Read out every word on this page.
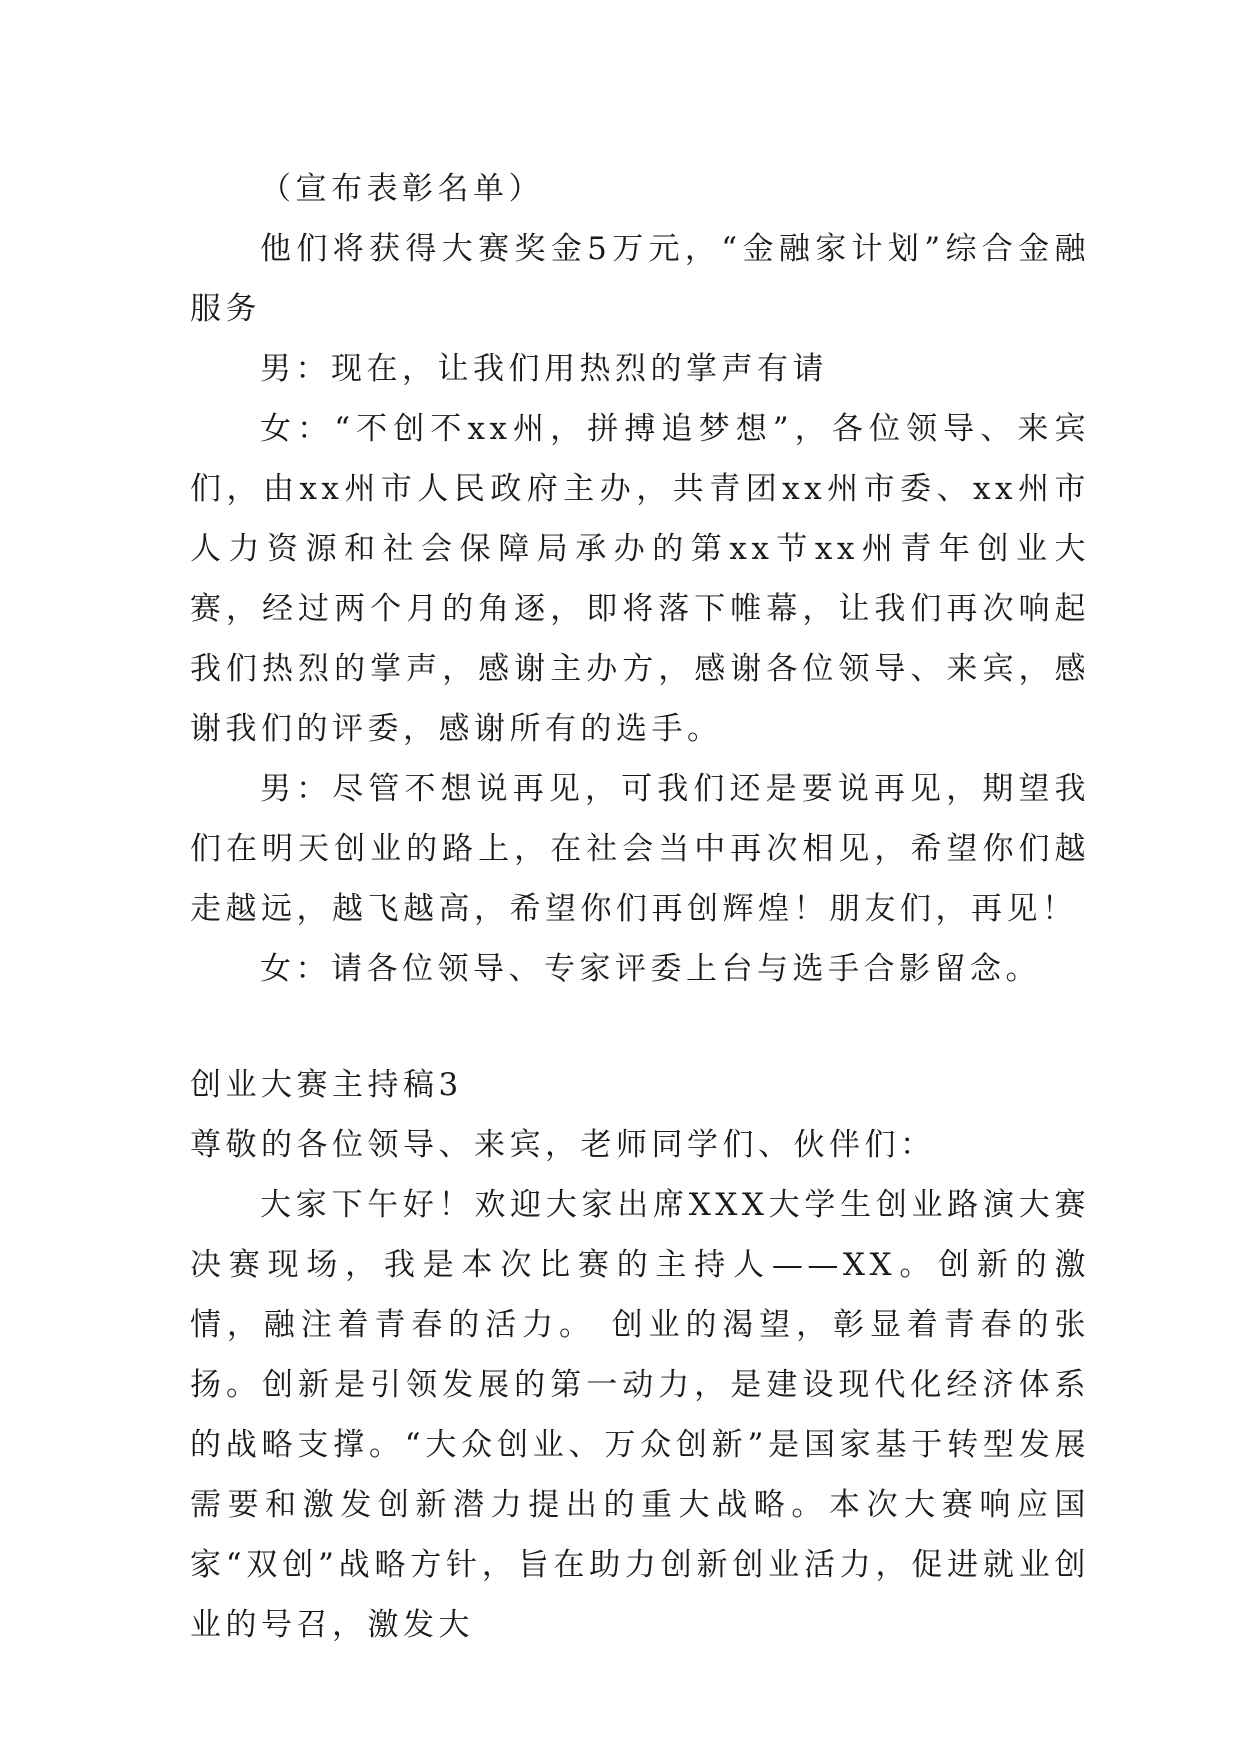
（宣布表彰名单）

他们将获得大赛奖金5万元，“金融家计划”综合金融服务

男：现在，让我们用热烈的掌声有请

女：“不创不xx州，拼搏追梦想”，各位领导、来宾们，由xx州市人民政府主办，共青团xx州市委、xx州市人力资源和社会保障局承办的第xx节xx州青年创业大赛，经过两个月的角逐，即将落下帷幕，让我们再次响起我们热烈的掌声，感谢主办方，感谢各位领导、来宾，感谢我们的评委，感谢所有的选手。

男：尽管不想说再见，可我们还是要说再见，期望我们在明天创业的路上，在社会当中再次相见，希望你们越走越远，越飞越高，希望你们再创辉煌！朋友们，再见！

女：请各位领导、专家评委上台与选手合影留念。

创业大赛主持稿3

尊敬的各位领导、来宾，老师同学们、伙伴们：

大家下午好！欢迎大家出席XXX大学生创业路演大赛决赛现场，我是本次比赛的主持人——XX。创新的激情，融注着青春的活力。 创业的渴望，彰显着青春的张扬。创新是引领发展的第一动力，是建设现代化经济体系的战略支撑。“大众创业、万众创新”是国家基于转型发展需要和激发创新潜力提出的重大战略。本次大赛响应国家“双创”战略方针，旨在助力创新创业活力，促进就业创业的号召，激发大
